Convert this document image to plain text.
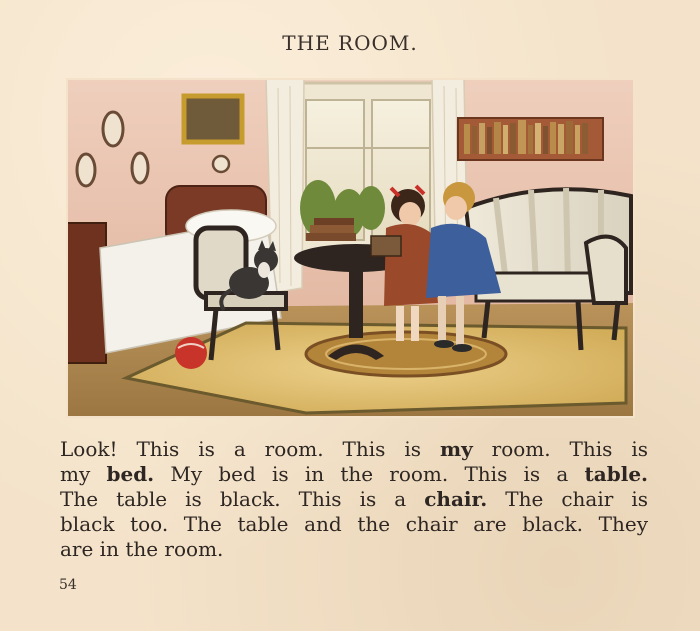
THE ROOM.
Look! This is a room. This is my room. This is
my bed. My bed is in the room. This is a table.
The table is black. This is a chair. The chair is
black too. The table and the chair are black. They
are in the room.
54
